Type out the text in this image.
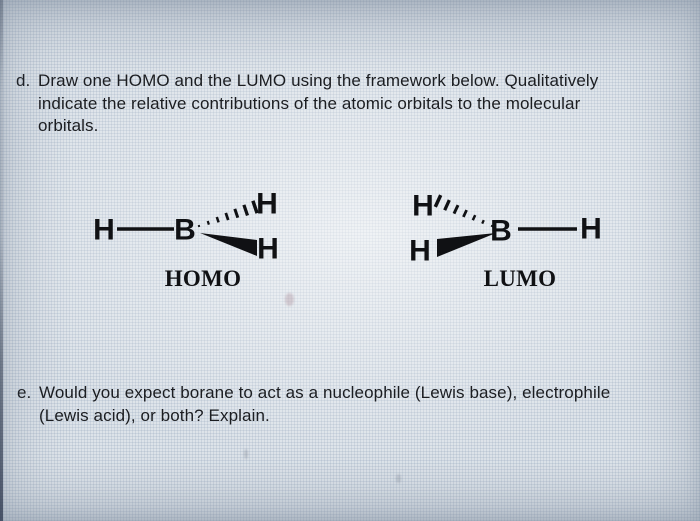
d. Draw one HOMO and the LUMO using the framework below. Qualitatively
indicate the relative contributions of the atomic orbitals to the molecular
orbitals.
H B
H
H
HOMO
H
H
B H
LUMO
e. Would you expect borane to act as a nucleophile (Lewis base), electrophile
(Lewis acid), or both? Explain.
